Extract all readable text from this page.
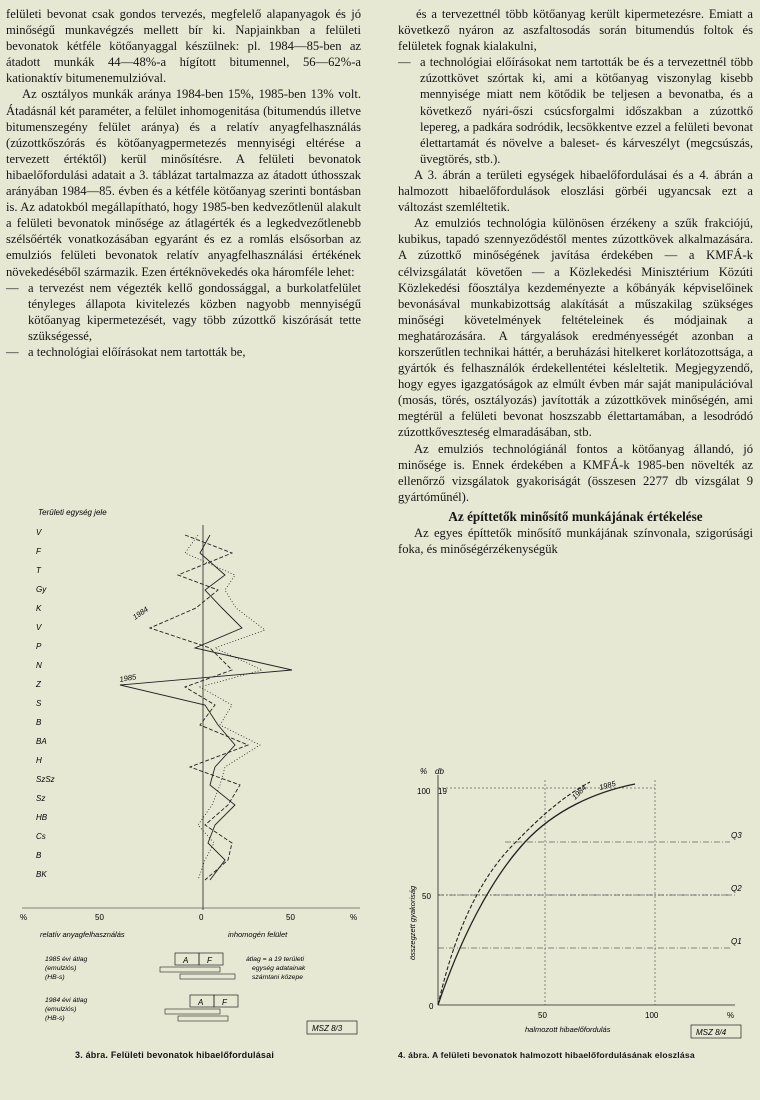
felületi bevonat csak gondos tervezés, megfelelő alapanyagok és jó minőségű munkavégzés mellett bír ki. Napjainkban a felületi bevonatok kétféle kötőanyaggal készülnek: pl. 1984—85-ben az átadott munkák 44—48%-a hígított bitumennel, 56—62%-a kationaktív bitumenemulzióval.

Az osztályos munkák aránya 1984-ben 15%, 1985-ben 13% volt. Átadásnál két paraméter, a felület inhomogenitása (bitumendús illetve bitumenszegény felület aránya) és a relatív anyagfelhasználás (zúzottkőszórás és kötőanyagpermetezés mennyiségi eltérése a tervezett értéktől) kerül minősítésre. A felületi bevonatok hibaelőfordulási adatait a 3. táblázat tartalmazza az átadott úthosszak arányában 1984—85. évben és a kétféle kötőanyag szerinti bontásban is. Az adatokból megállapítható, hogy 1985-ben kedvezőtlenül alakult a felületi bevonatok minősége az átlagérték és a legkedvezőtlenebb szélsőérték vonatkozásában egyaránt és ez a romlás elsősorban az emulziós felületi bevonatok relatív anyagfelhasználási értékének növekedéséből származik. Ezen értéknövekedés oka háromféle lehet:

— a tervezést nem végezték kellő gondossággal, a burkolatfelület tényleges állapota kivitelezés közben nagyobb mennyiségű kötőanyag kipermetezését, vagy több zúzottkő kiszórását tette szükségessé,

— a technológiai előírásokat nem tartották be,

és a tervezettnél több kötőanyag került kipermetezésre. Emiatt a következő nyáron az aszfaltosodás során bitumendús foltok és felületek fognak kialakulni,

— a technológiai előírásokat nem tartották be és a tervezettnél több zúzottkövet szórtak ki, ami a kötőanyag viszonylag kisebb mennyisége miatt nem kötődik be teljesen a bevonatba, és a következő nyári-őszi csúcsforgalmi időszakban a zúzottkő lepereg, a padkára sodródik, lecsökkentve ezzel a felületi bevonat élettartamát és növelve a baleset- és kárveszélyt (megcsúszás, üvegtörés, stb.).

A 3. ábrán a területi egységek hibaelőfordulásai és a 4. ábrán a halmozott hibaelőfordulások eloszlási görbéi ugyancsak ezt a változást szemléltetik.

Az emulziós technológia különösen érzékeny a szűk frakciójú, kubikus, tapadó szennyeződéstől mentes zúzottkövek alkalmazására. A zúzottkő minőségének javítása érdekében — a KMFÁ-k célvizsgálatát követően — a Közlekedési Minisztérium Közúti Közlekedési főosztálya kezdeményezte a kőbányák képviselőinek bevonásával munkabizottság alakítását a műszakilag szükséges minőségi követelmények feltételeinek és módjainak a meghatározására. A tárgyalások eredményességét azonban a korszerűtlen technikai háttér, a beruházási hitelkeret korlátozottsága, a gyártók és felhasználók érdekellentétei késleltetik. Megjegyzendő, hogy egyes igazgatóságok az elmúlt évben már saját manipulációval (mosás, törés, osztályozás) javították a zúzottkövek minőségén, ami megtérül a felületi bevonat hoszszabb élettartamában, a lesodródó zúzottkőveszteség elmaradásában, stb.

Az emulziós technológiánál fontos a kötőanyag állandó, jó minősége is. Ennek érdekében a KMFÁ-k 1985-ben növelték az ellenőrző vizsgálatok gyakoriságát (összesen 2277 db vizsgálat 9 gyártóműnél).

Az építtetők minősítő munkájának értékelése

Az egyes építtetők minősítő munkájának színvonala, szigorúsági foka, és minőségérzékenységük

Területi egység jele
V
F
T
Gy
K
V
P
N
Z
S
B
BA
H
SzSz
Sz
HB
Cs
B
BK
1984
1985
%	50	0	50	%
relatív anyagfelhasználás	inhomogén felület
1985 évi átlag
(emulziós)
(HB-s)
A F	átlag = a 19 területi
egység adatainak
számtani közepe
1984 évi átlag
(emulziós)
(HB-s)
A F
MSZ 8/3
3. ábra. Felületi bevonatok hibaelőfordulásai
% db
100 19
50
0
összegzett gyakoriság
Q3
Q2
Q1
1984 1985
50	100	%
halmozott hibaelőfordulás	MSZ 8/4
4. ábra. A felületi bevonatok halmozott hibaelőfordulásának eloszlása
